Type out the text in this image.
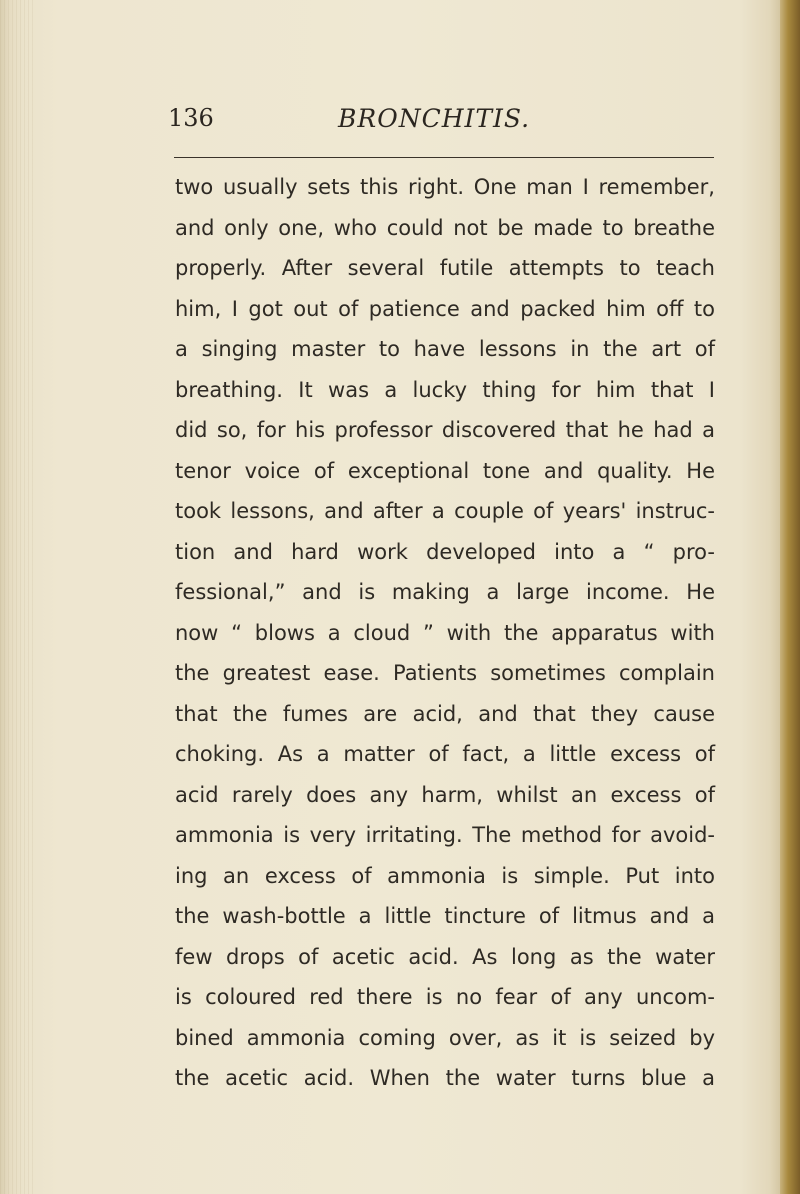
136	BRONCHITIS.
two usually sets this right. One man I remember,
and only one, who could not be made to breathe
properly. After several futile attempts to teach
him, I got out of patience and packed him off to
a singing master to have lessons in the art of
breathing. It was a lucky thing for him that I
did so, for his professor discovered that he had a
tenor voice of exceptional tone and quality. He
took lessons, and after a couple of years' instruc-
tion and hard work developed into a “ pro-
fessional,” and is making a large income. He
now “ blows a cloud ” with the apparatus with
the greatest ease. Patients sometimes complain
that the fumes are acid, and that they cause
choking. As a matter of fact, a little excess of
acid rarely does any harm, whilst an excess of
ammonia is very irritating. The method for avoid-
ing an excess of ammonia is simple. Put into
the wash-bottle a little tincture of litmus and a
few drops of acetic acid. As long as the water
is coloured red there is no fear of any uncom-
bined ammonia coming over, as it is seized by
the acetic acid. When the water turns blue a
